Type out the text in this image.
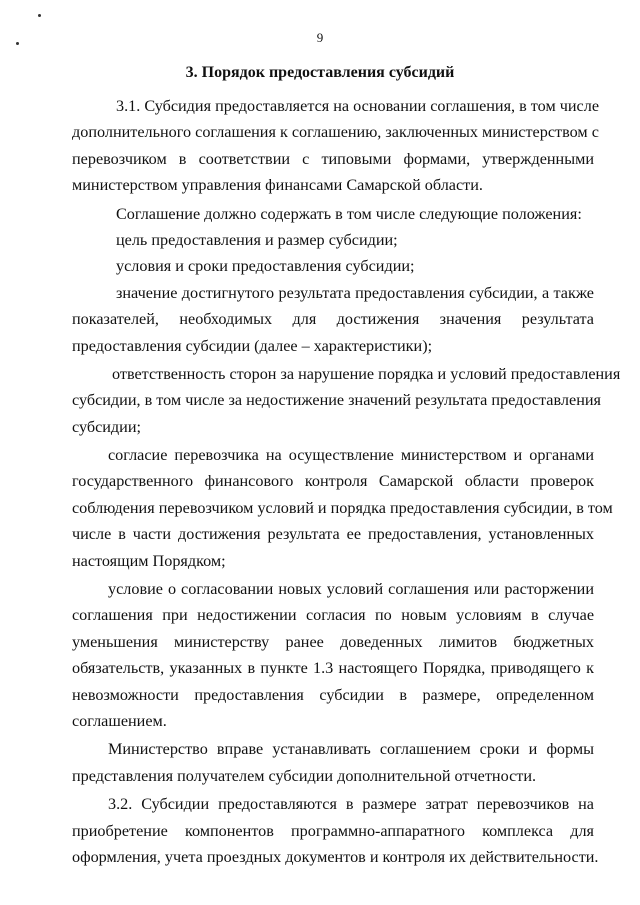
9
3. Порядок предоставления субсидий
3.1. Субсидия предоставляется на основании соглашения, в том числе
дополнительного соглашения к соглашению, заключенных министерством с
перевозчиком в соответствии с типовыми формами, утвержденными
министерством управления финансами Самарской области.
Соглашение должно содержать в том числе следующие положения:
цель предоставления и размер субсидии;
условия и сроки предоставления субсидии;
значение достигнутого результата предоставления субсидии, а также
показателей, необходимых для достижения значения результата
предоставления субсидии (далее – характеристики);
ответственность сторон за нарушение порядка и условий предоставления
субсидии, в том числе за недостижение значений результата предоставления
субсидии;
согласие перевозчика на осуществление министерством и органами
государственного финансового контроля Самарской области проверок
соблюдения перевозчиком условий и порядка предоставления субсидии, в том
числе в части достижения результата ее предоставления, установленных
настоящим Порядком;
условие о согласовании новых условий соглашения или расторжении
соглашения при недостижении согласия по новым условиям в случае
уменьшения министерству ранее доведенных лимитов бюджетных
обязательств, указанных в пункте 1.3 настоящего Порядка, приводящего к
невозможности предоставления субсидии в размере, определенном
соглашением.
Министерство вправе устанавливать соглашением сроки и формы
представления получателем субсидии дополнительной отчетности.
3.2. Субсидии предоставляются в размере затрат перевозчиков на
приобретение компонентов программно-аппаратного комплекса для
оформления, учета проездных документов и контроля их действительности.
